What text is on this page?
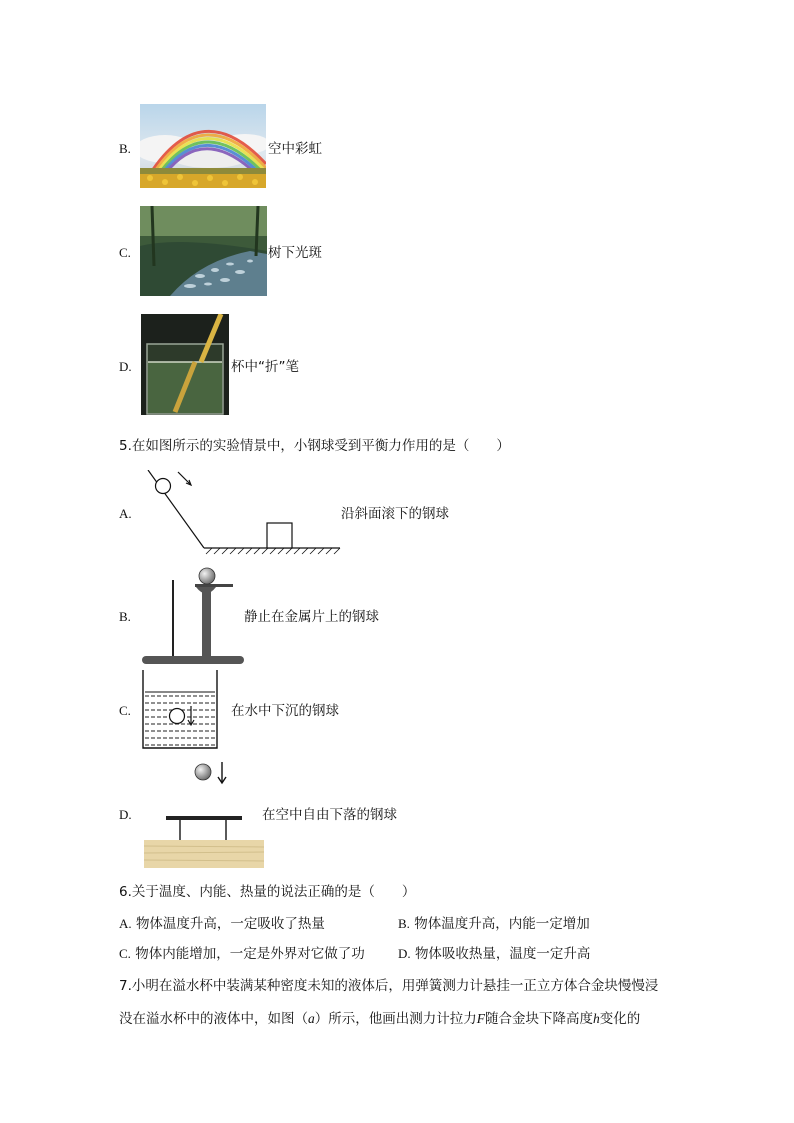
B.	空中彩虹
C.	树下光斑
D.	杯中“折”笔
5.在如图所示的实验情景中，小钢球受到平衡力作用的是（　　）
A.	沿斜面滚下的钢球
B.	静止在金属片上的钢球
C.	在水中下沉的钢球
D.	在空中自由下落的钢球
6.关于温度、内能、热量的说法正确的是（　　）
A. 物体温度升高，一定吸收了热量	B. 物体温度升高，内能一定增加
C. 物体内能增加，一定是外界对它做了功	D. 物体吸收热量，温度一定升高
7.小明在溢水杯中装满某种密度未知的液体后，用弹簧测力计悬挂一正立方体合金块慢慢浸
没在溢水杯中的液体中，如图（a）所示，他画出测力计拉力F随合金块下降高度h变化的
